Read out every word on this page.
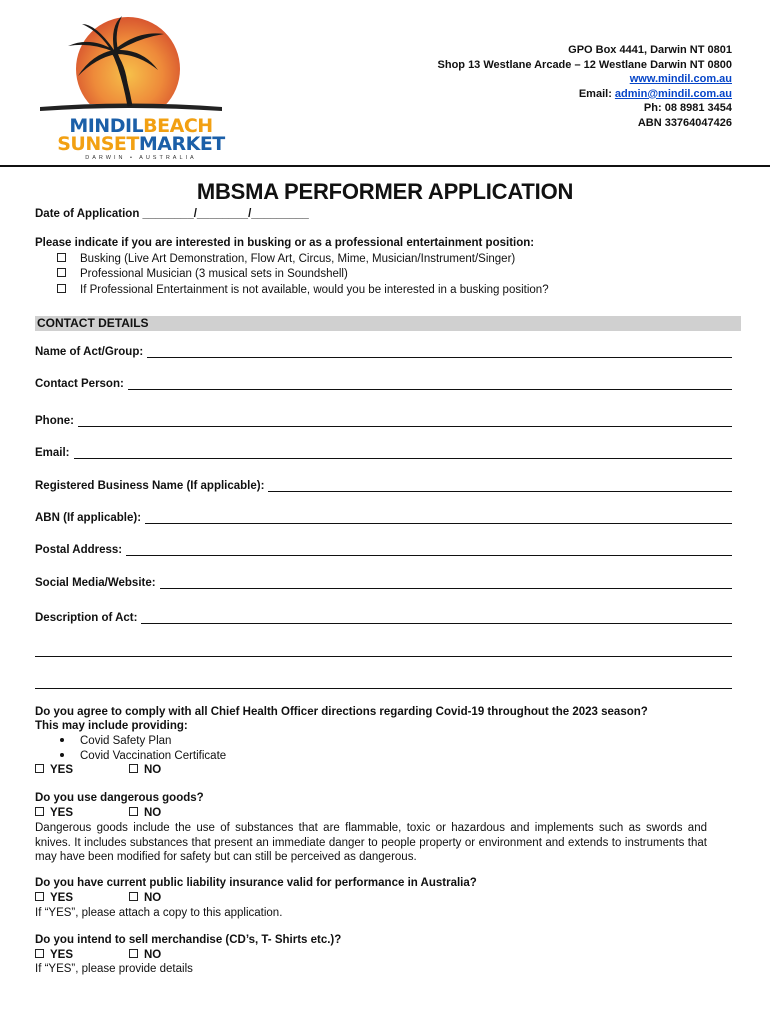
MINDILBEACH
SUNSETMARKET
DARWIN • AUSTRALIA
GPO Box 4441, Darwin NT 0801
Shop 13 Westlane Arcade – 12 Westlane Darwin NT 0800
www.mindil.com.au
Email: admin@mindil.com.au
Ph: 08 8981 3454
ABN 33764047426
MBSMA PERFORMER APPLICATION
Date of Application ________/________/_________
Please indicate if you are interested in busking or as a professional entertainment position:
Busking (Live Art Demonstration, Flow Art, Circus, Mime, Musician/Instrument/Singer)
Professional Musician (3 musical sets in Soundshell)
If Professional Entertainment is not available, would you be interested in a busking position?
CONTACT DETAILS
Name of Act/Group:
Contact Person:
Phone:
Email:
Registered Business Name (If applicable):
ABN (If applicable):
Postal Address:
Social Media/Website:
Description of Act:
Do you agree to comply with all Chief Health Officer directions regarding Covid-19 throughout the 2023 season?
This may include providing:
Covid Safety Plan
Covid Vaccination Certificate
YES	NO
Do you use dangerous goods?
YES	NO
Dangerous goods include the use of substances that are flammable, toxic or hazardous and implements such as swords and knives. It includes substances that present an immediate danger to people property or environment and extends to instruments that may have been modified for safety but can still be perceived as dangerous.
Do you have current public liability insurance valid for performance in Australia?
YES	NO
If “YES”, please attach a copy to this application.
Do you intend to sell merchandise (CD’s, T- Shirts etc.)?
YES	NO
If “YES”, please provide details
